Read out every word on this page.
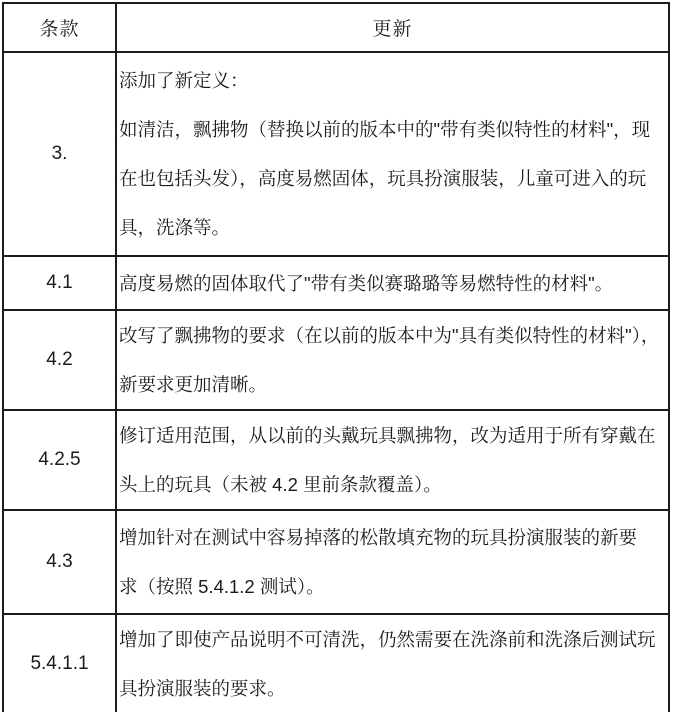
条款	更新
3.	添加了新定义：
如清洁，飘拂物（替换以前的版本中的"带有类似特性的材料"，现
在也包括头发），高度易燃固体，玩具扮演服装，儿童可进入的玩
具，洗涤等。

4.1	高度易燃的固体取代了"带有类似赛璐璐等易燃特性的材料"。

4.2	改写了飘拂物的要求（在以前的版本中为"具有类似特性的材料"），
新要求更加清晰。

4.2.5	修订适用范围，从以前的头戴玩具飘拂物，改为适用于所有穿戴在
头上的玩具（未被 4.2 里前条款覆盖）。

4.3	增加针对在测试中容易掉落的松散填充物的玩具扮演服装的新要
求（按照 5.4.1.2 测试）。

5.4.1.1	增加了即使产品说明不可清洗，仍然需要在洗涤前和洗涤后测试玩
具扮演服装的要求。
